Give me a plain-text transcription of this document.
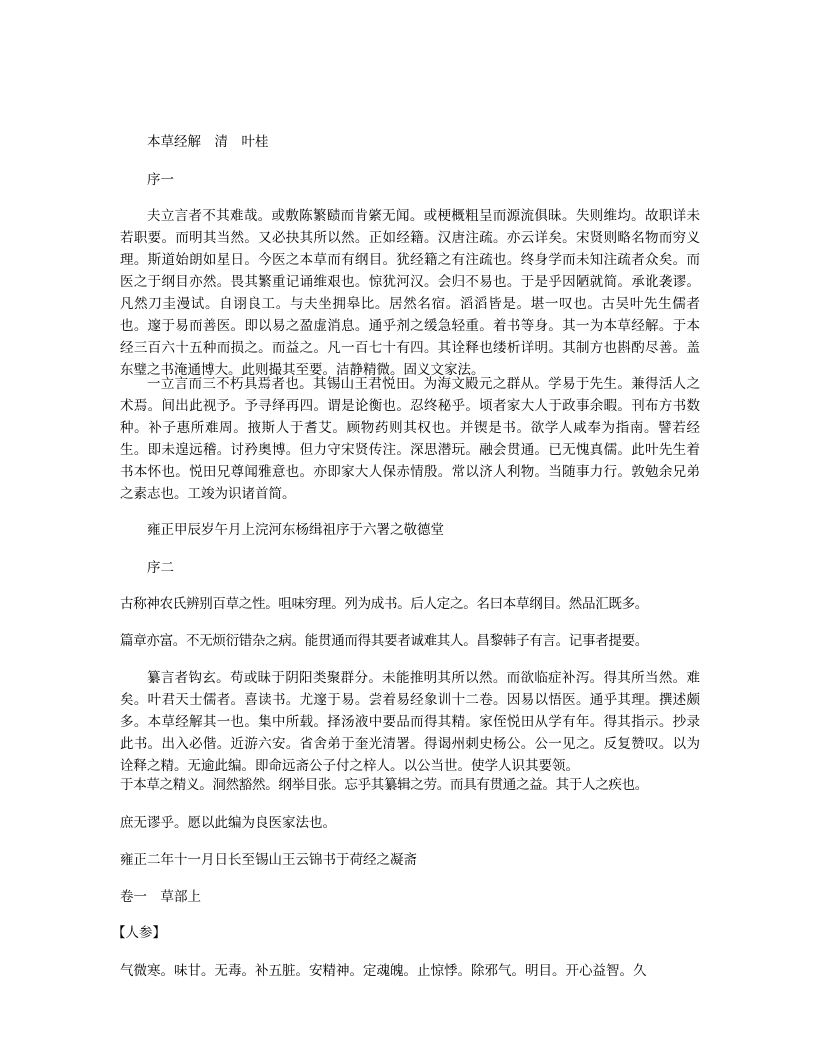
本草经解　清　叶桂

序一

夫立言者不其难哉。或敷陈繁赜而肯綮无闻。或梗概粗呈而源流俱昧。失则维均。故职详未若职要。而明其当然。又必抉其所以然。正如经籍。汉唐注疏。亦云详矣。宋贤则略名物而穷义理。斯道始朗如星日。今医之本草而有纲目。犹经籍之有注疏也。终身学而未知注疏者众矣。而医之于纲目亦然。畏其繁重记诵维艰也。惊犹河汉。会归不易也。于是乎因陋就简。承讹袭谬。凡然刀圭漫试。自诩良工。与夫坐拥皋比。居然名宿。滔滔皆是。堪一叹也。古吴叶先生儒者也。邃于易而善医。即以易之盈虚消息。通乎剂之缓急轻重。着书等身。其一为本草经解。于本经三百六十五种而损之。而益之。凡一百七十有四。其诠释也缕析详明。其制方也斟酌尽善。盖东璧之书淹通博大。此则撮其至要。洁静精微。固义文家法。

一立言而三不朽具焉者也。其锡山王君悦田。为海文殿元之群从。学易于先生。兼得活人之术焉。间出此视予。予寻绎再四。谓是论衡也。忍终秘乎。顷者家大人于政事余暇。刊布方书数种。补子惠所难周。掖斯人于耆艾。顾物药则其权也。并锲是书。欲学人咸奉为指南。譬若经生。即未遑远稽。讨矜奥博。但力守宋贤传注。深思潜玩。融会贯通。已无愧真儒。此叶先生着书本怀也。悦田兄尊闻雅意也。亦即家大人保赤情殷。常以济人利物。当随事力行。敦勉余兄弟之素志也。工竣为识诸首简。

雍正甲辰岁午月上浣河东杨缉祖序于六署之敬德堂

序二

古称神农氏辨别百草之性。咀味穷理。列为成书。后人定之。名曰本草纲目。然品汇既多。

篇章亦富。不无烦衍错杂之病。能贯通而得其要者诚难其人。昌黎韩子有言。记事者提要。

纂言者钩玄。苟或昧于阴阳类聚群分。未能推明其所以然。而欲临症补泻。得其所当然。难矣。叶君天士儒者。喜读书。尤邃于易。尝着易经象训十二卷。因易以悟医。通乎其理。撰述颇多。本草经解其一也。集中所载。择汤液中要品而得其精。家侄悦田从学有年。得其指示。抄录此书。出入必偕。近游六安。省舍弟于奎光清署。得谒州刺史杨公。公一见之。反复赞叹。以为诠释之精。无逾此编。即命远斋公子付之梓人。以公当世。使学人识其要领。

于本草之精义。洞然豁然。纲举目张。忘乎其纂辑之劳。而具有贯通之益。其于人之疾也。

庶无谬乎。愿以此编为良医家法也。

雍正二年十一月日长至锡山王云锦书于荷经之凝斋

卷一　草部上

【人参】

气微寒。味甘。无毒。补五脏。安精神。定魂魄。止惊悸。除邪气。明目。开心益智。久
